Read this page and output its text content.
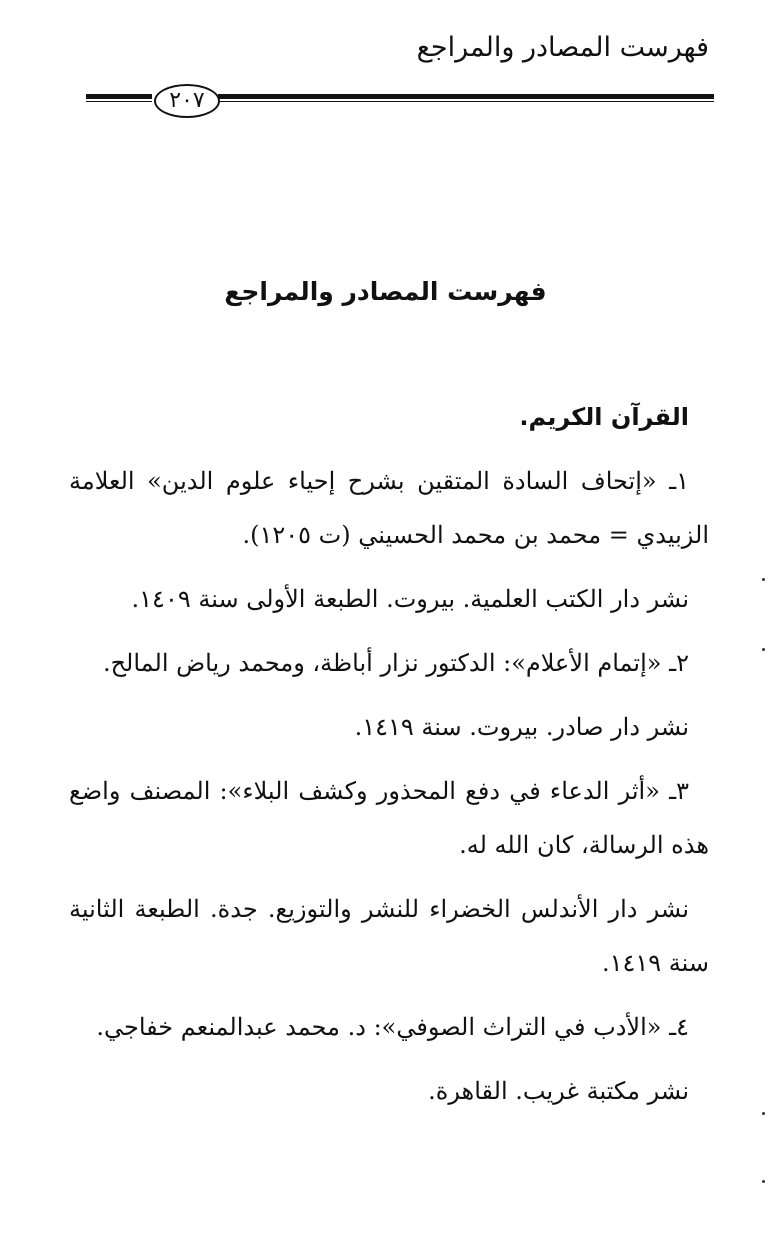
فهرست المصادر والمراجع
٢٠٧
فهرست المصادر والمراجع

القرآن الكريم.

١ـ «إتحاف السادة المتقين بشرح إحياء علوم الدين» العلامة الزبيدي = محمد بن محمد الحسيني (ت ١٢٠٥).

نشر دار الكتب العلمية. بيروت. الطبعة الأولى سنة ١٤٠٩.

٢ـ «إتمام الأعلام»: الدكتور نزار أباظة، ومحمد رياض المالح.

نشر دار صادر. بيروت. سنة ١٤١٩.

٣ـ «أثر الدعاء في دفع المحذور وكشف البلاء»: المصنف واضع هذه الرسالة، كان الله له.

نشر دار الأندلس الخضراء للنشر والتوزيع. جدة. الطبعة الثانية سنة ١٤١٩.

٤ـ «الأدب في التراث الصوفي»: د. محمد عبدالمنعم خفاجي.

نشر مكتبة غريب. القاهرة.
